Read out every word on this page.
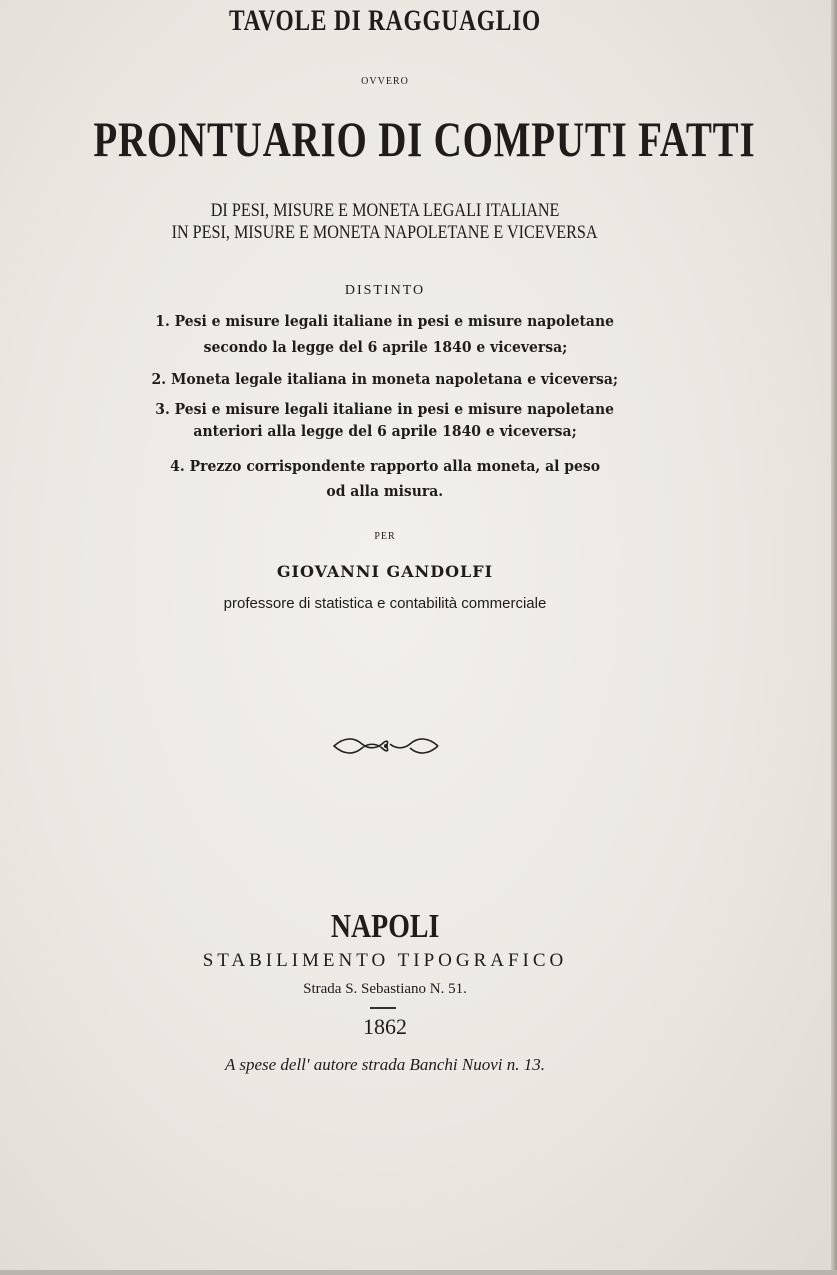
TAVOLE DI RAGGUAGLIO
OVVERO
PRONTUARIO DI COMPUTI FATTI
DI PESI, MISURE E MONETA LEGALI ITALIANE
IN PESI, MISURE E MONETA NAPOLETANE E VICEVERSA
DISTINTO
1. Pesi e misure legali italiane in pesi e misure napoletane
secondo la legge del 6 aprile 1840 e viceversa;
2. Moneta legale italiana in moneta napoletana e viceversa;
3. Pesi e misure legali italiane in pesi e misure napoletane
anteriori alla legge del 6 aprile 1840 e viceversa;
4. Prezzo corrispondente rapporto alla moneta, al peso
od alla misura.
PER
GIOVANNI GANDOLFI
professore di statistica e contabilità commerciale
NAPOLI
STABILIMENTO TIPOGRAFICO
Strada S. Sebastiano N. 51.
1862
A spese dell' autore strada Banchi Nuovi n. 13.
